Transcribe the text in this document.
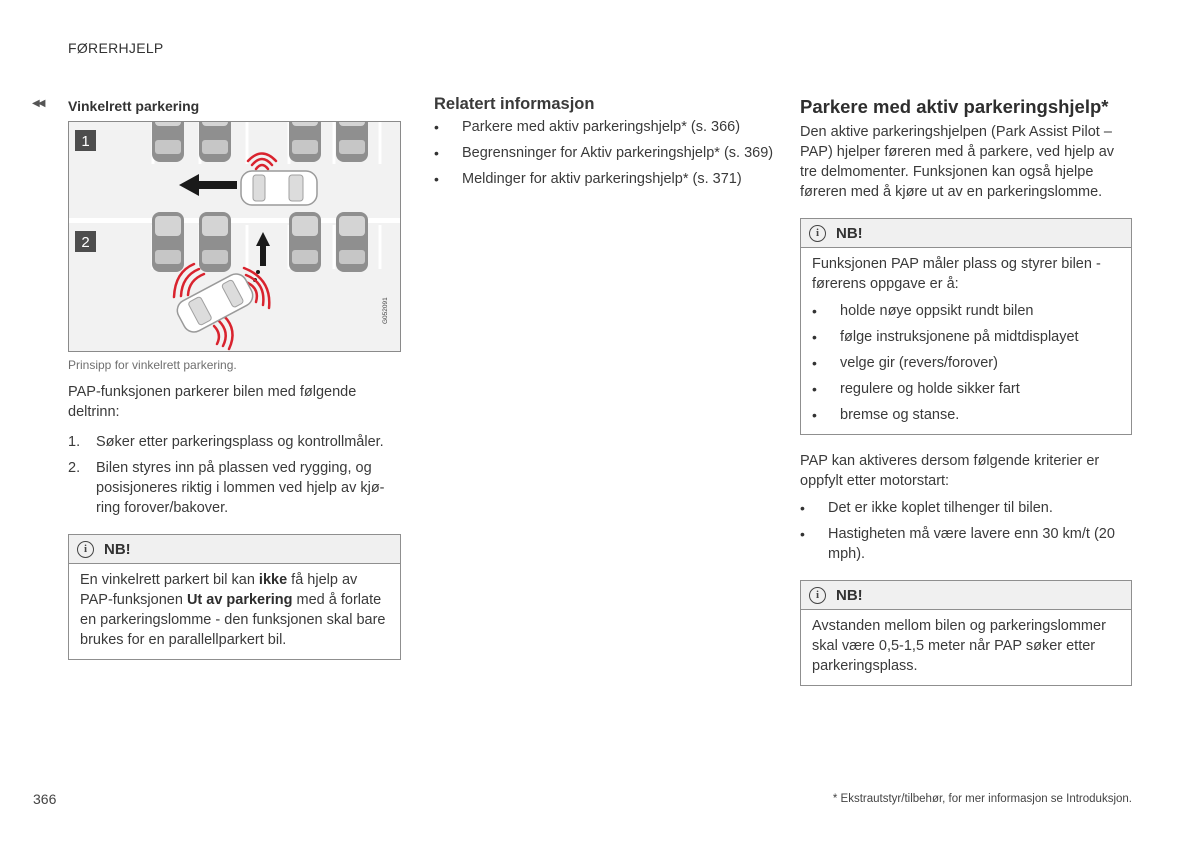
FØRERHJELP
◀◀ Vinkelrett parkering
1
2
G052091
Prinsipp for vinkelrett parkering.

PAP-funksjonen parkerer bilen med følgende deltrinn:

1. Søker etter parkeringsplass og kontrollmåler.
2. Bilen styres inn på plassen ved rygging, og posisjoneres riktig i lommen ved hjelp av kjøring forover/bakover.
i	NB!
En vinkelrett parkert bil kan ikke få hjelp av PAP-funksjonen Ut av parkering med å forlate en parkeringslomme - den funksjonen skal bare brukes for en parallellparkert bil.
Relatert informasjon
• Parkere med aktiv parkeringshjelp* (s. 366)
• Begrensninger for Aktiv parkeringshjelp* (s. 369)
• Meldinger for aktiv parkeringshjelp* (s. 371)
Parkere med aktiv parkeringshjelp*

Den aktive parkeringshjelpen (Park Assist Pilot – PAP) hjelper føreren med å parkere, ved hjelp av tre delmomenter. Funksjonen kan også hjelpe føreren med å kjøre ut av en parkeringslomme.

i	NB!

Funksjonen PAP måler plass og styrer bilen - førerens oppgave er å:

• holde nøye oppsikt rundt bilen
• følge instruksjonene på midtdisplayet
• velge gir (revers/forover)
• regulere og holde sikker fart
• bremse og stanse.

PAP kan aktiveres dersom følgende kriterier er oppfylt etter motorstart:

• Det er ikke koplet tilhenger til bilen.
• Hastigheten må være lavere enn 30 km/t (20 mph).
i	NB!
Avstanden mellom bilen og parkeringslommer skal være 0,5-1,5 meter når PAP søker etter parkeringsplass.
366	* Ekstrautstyr/tilbehør, for mer informasjon se Introduksjon.
